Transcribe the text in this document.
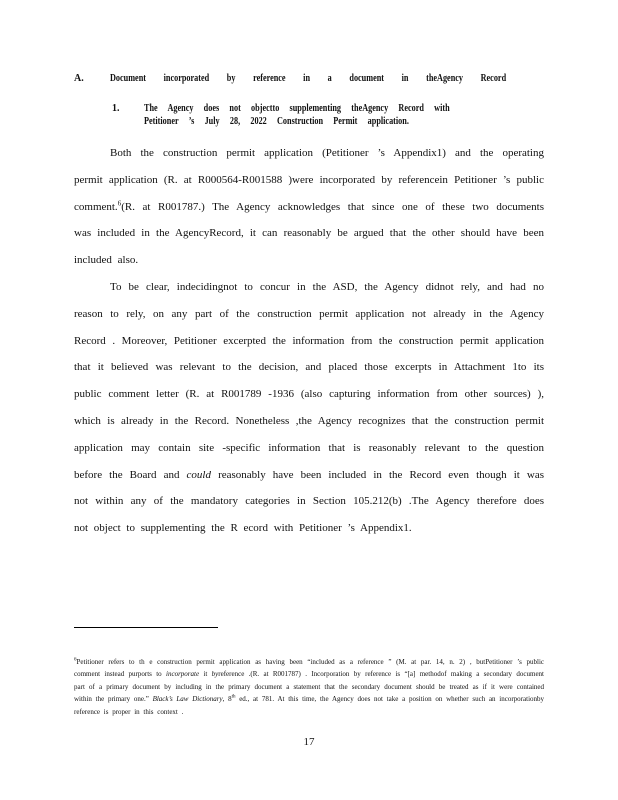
A.	Document incorporated by reference in a document in theAgency Record
1. The Agency does not objectto supplementing theAgency Record with
Petitioner ’s July 28, 2022 Construction Permit application.

Both the construction permit application (Petitioner ’s Appendix1) and the operating permit application (R. at R000564-R001588 )were incorporated by referencein Petitioner ’s public comment.$^6$(R. at R001787.) The Agency acknowledges that since one of these two documents was included in the AgencyRecord, it can reasonably be argued that the other should have been included also.

To be clear, indecidingnot to concur in the ASD, the Agency didnot rely, and had no reason to rely, on any part of the construction permit application not already in the Agency Record . Moreover, Petitioner excerpted the information from the construction permit application that it believed was relevant to the decision, and placed those excerpts in Attachment 1to its public comment letter (R. at R001789 -1936 (also capturing information from other sources) ), which is already in the Record. Nonetheless ,the Agency recognizes that the construction permit application may contain site -specific information that is reasonably relevant to the question before the Board and could reasonably have been included in the Record even though it was not within any of the mandatory categories in Section 105.212(b) .The Agency therefore does not object to supplementing the R ecord with Petitioner ’s Appendix1.

$^6$Petitioner refers to th e construction permit application as having been “included as a reference ” (M. at par. 14, n. 2) , butPetitioner ’s public comment instead purports to incorporate it byreference .(R. at R001787) . Incorporation by reference is “[a] methodof making a secondary document part of a primary document by including in the primary document a statement that the secondary document should be treated as if it were contained within the primary one.” Black’s Law Dictionary, 8th ed., at 781. At this time, the Agency does not take a position on whether such an incorporationby reference is proper in this context .
17
